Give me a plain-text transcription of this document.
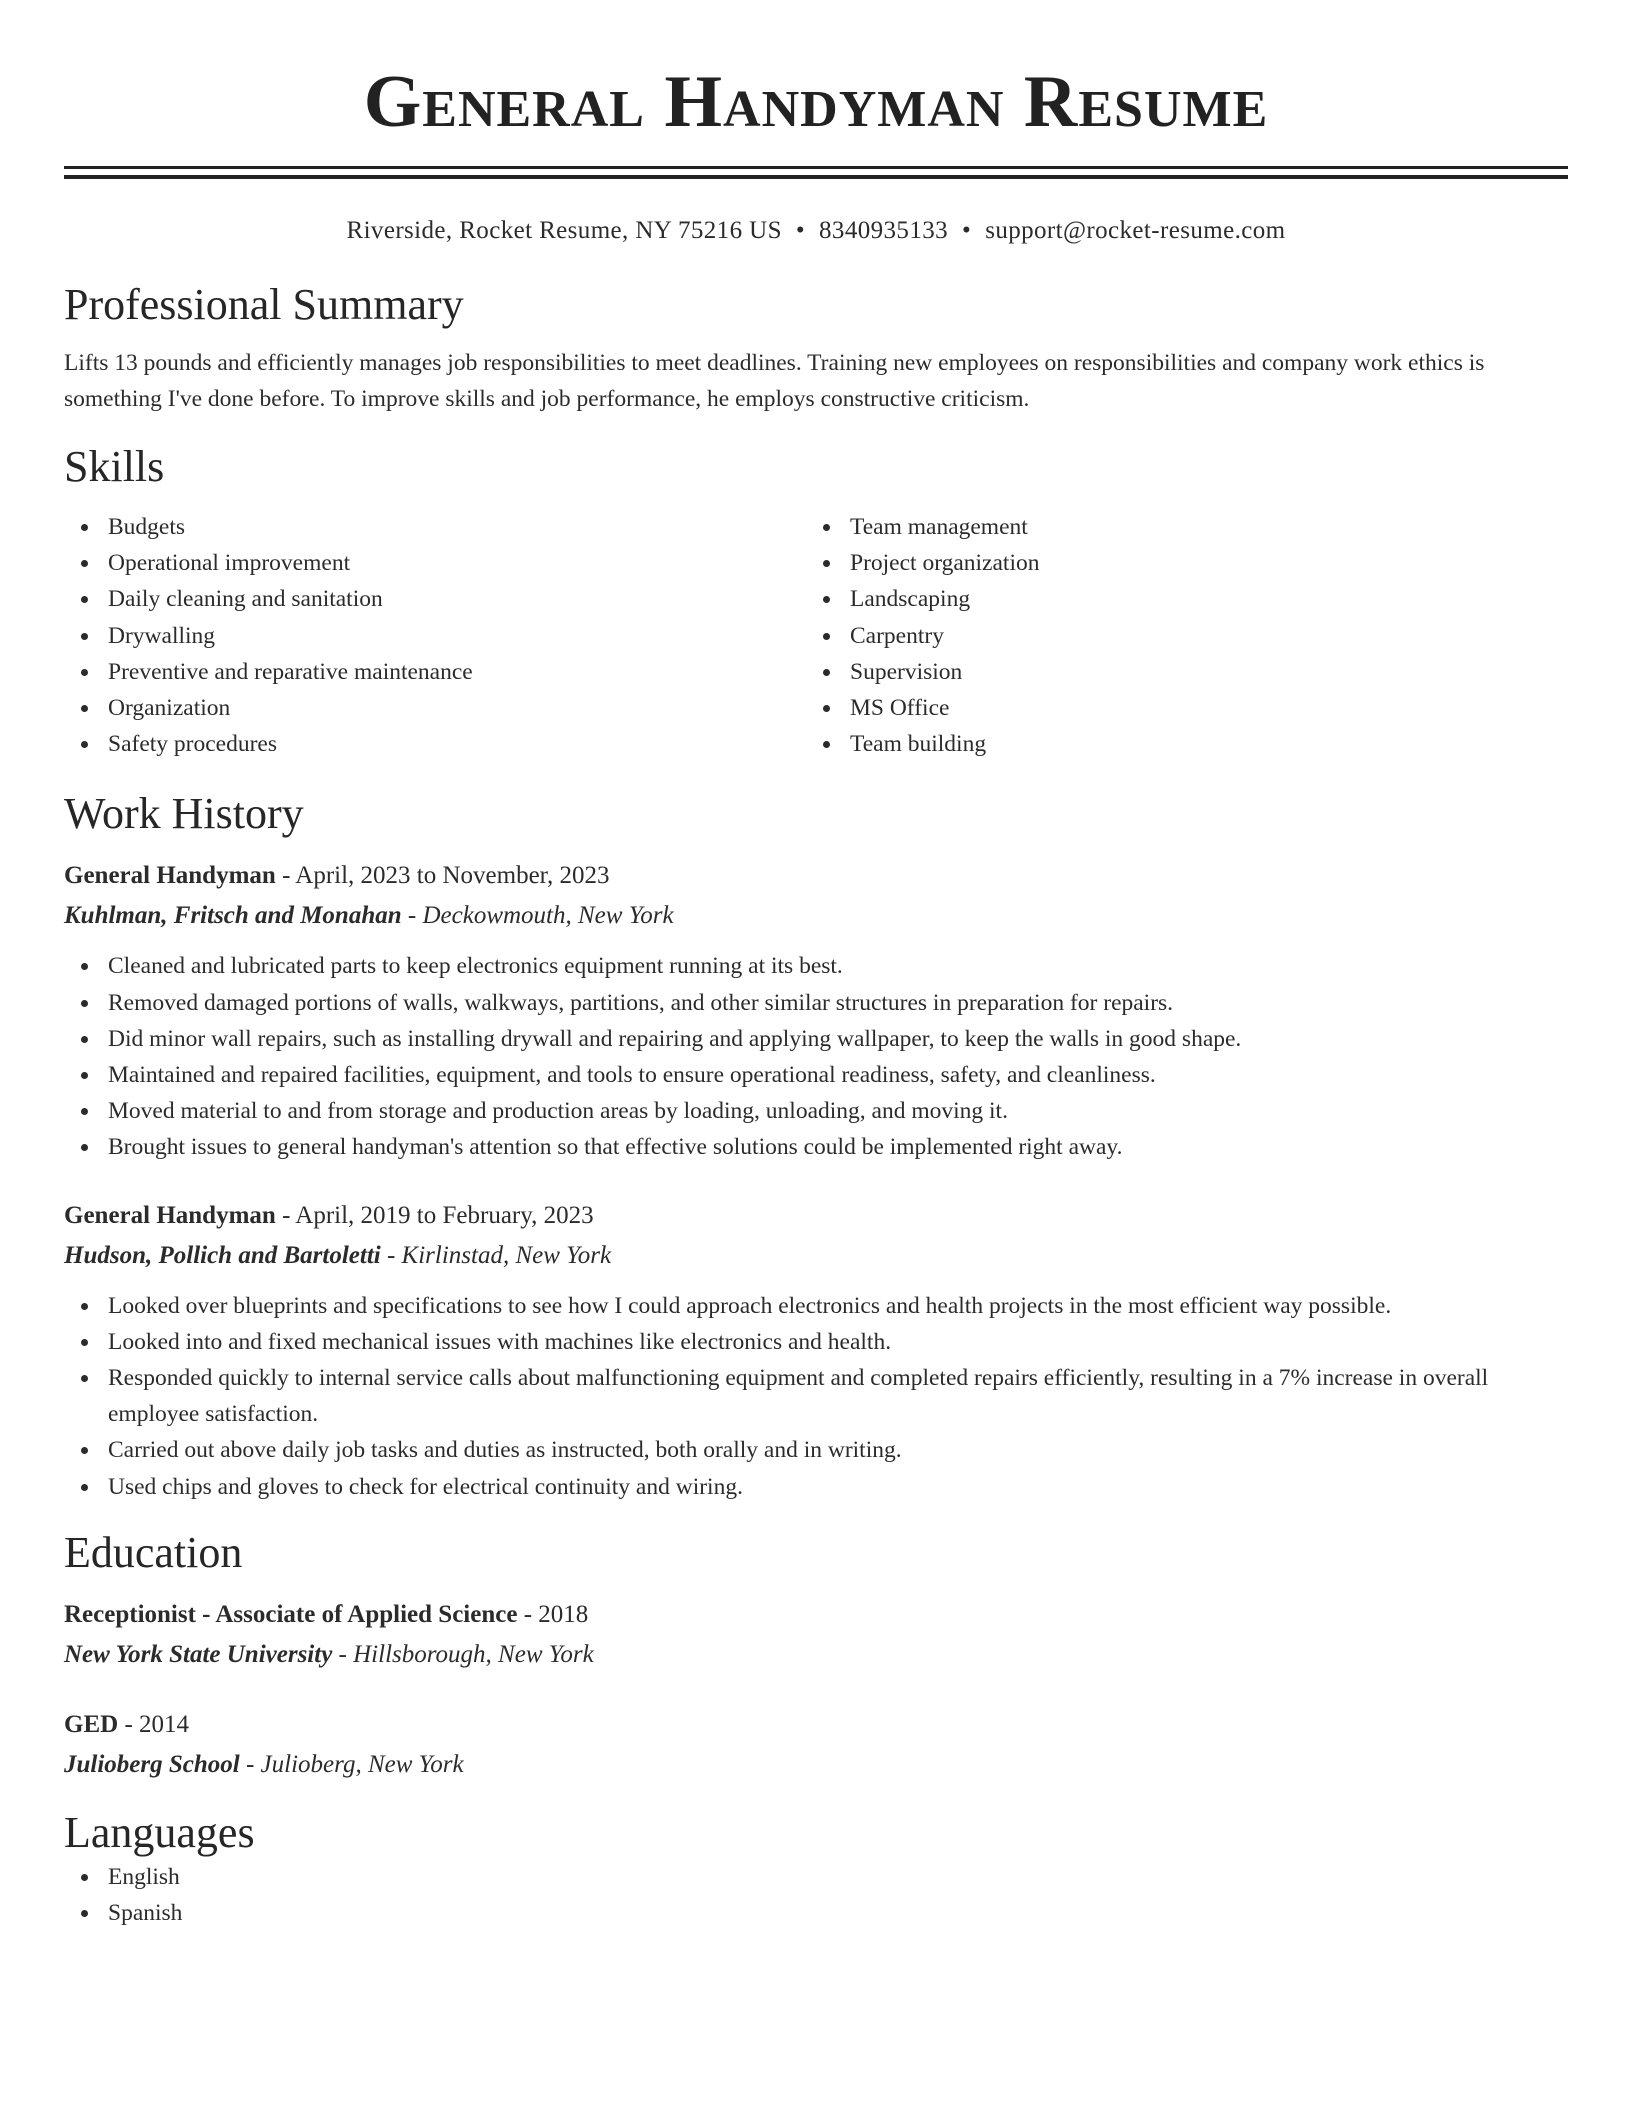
General Handyman Resume
Riverside, Rocket Resume, NY 75216 US • 8340935133 • support@rocket-resume.com
Professional Summary

Lifts 13 pounds and efficiently manages job responsibilities to meet deadlines. Training new employees on responsibilities and company work ethics is something I've done before. To improve skills and job performance, he employs constructive criticism.

Skills
Budgets
Operational improvement
Daily cleaning and sanitation
Drywalling
Preventive and reparative maintenance
Organization
Safety procedures
Team management
Project organization
Landscaping
Carpentry
Supervision
MS Office
Team building
Work History
General Handyman - April, 2023 to November, 2023
Kuhlman, Fritsch and Monahan - Deckowmouth, New York
Cleaned and lubricated parts to keep electronics equipment running at its best.
Removed damaged portions of walls, walkways, partitions, and other similar structures in preparation for repairs.
Did minor wall repairs, such as installing drywall and repairing and applying wallpaper, to keep the walls in good shape.
Maintained and repaired facilities, equipment, and tools to ensure operational readiness, safety, and cleanliness.
Moved material to and from storage and production areas by loading, unloading, and moving it.
Brought issues to general handyman's attention so that effective solutions could be implemented right away.
General Handyman - April, 2019 to February, 2023
Hudson, Pollich and Bartoletti - Kirlinstad, New York
Looked over blueprints and specifications to see how I could approach electronics and health projects in the most efficient way possible.
Looked into and fixed mechanical issues with machines like electronics and health.
Responded quickly to internal service calls about malfunctioning equipment and completed repairs efficiently, resulting in a 7% increase in overall employee satisfaction.
Carried out above daily job tasks and duties as instructed, both orally and in writing.
Used chips and gloves to check for electrical continuity and wiring.
Education
Receptionist - Associate of Applied Science - 2018
New York State University - Hillsborough, New York
GED - 2014
Julioberg School - Julioberg, New York
Languages
English
Spanish
